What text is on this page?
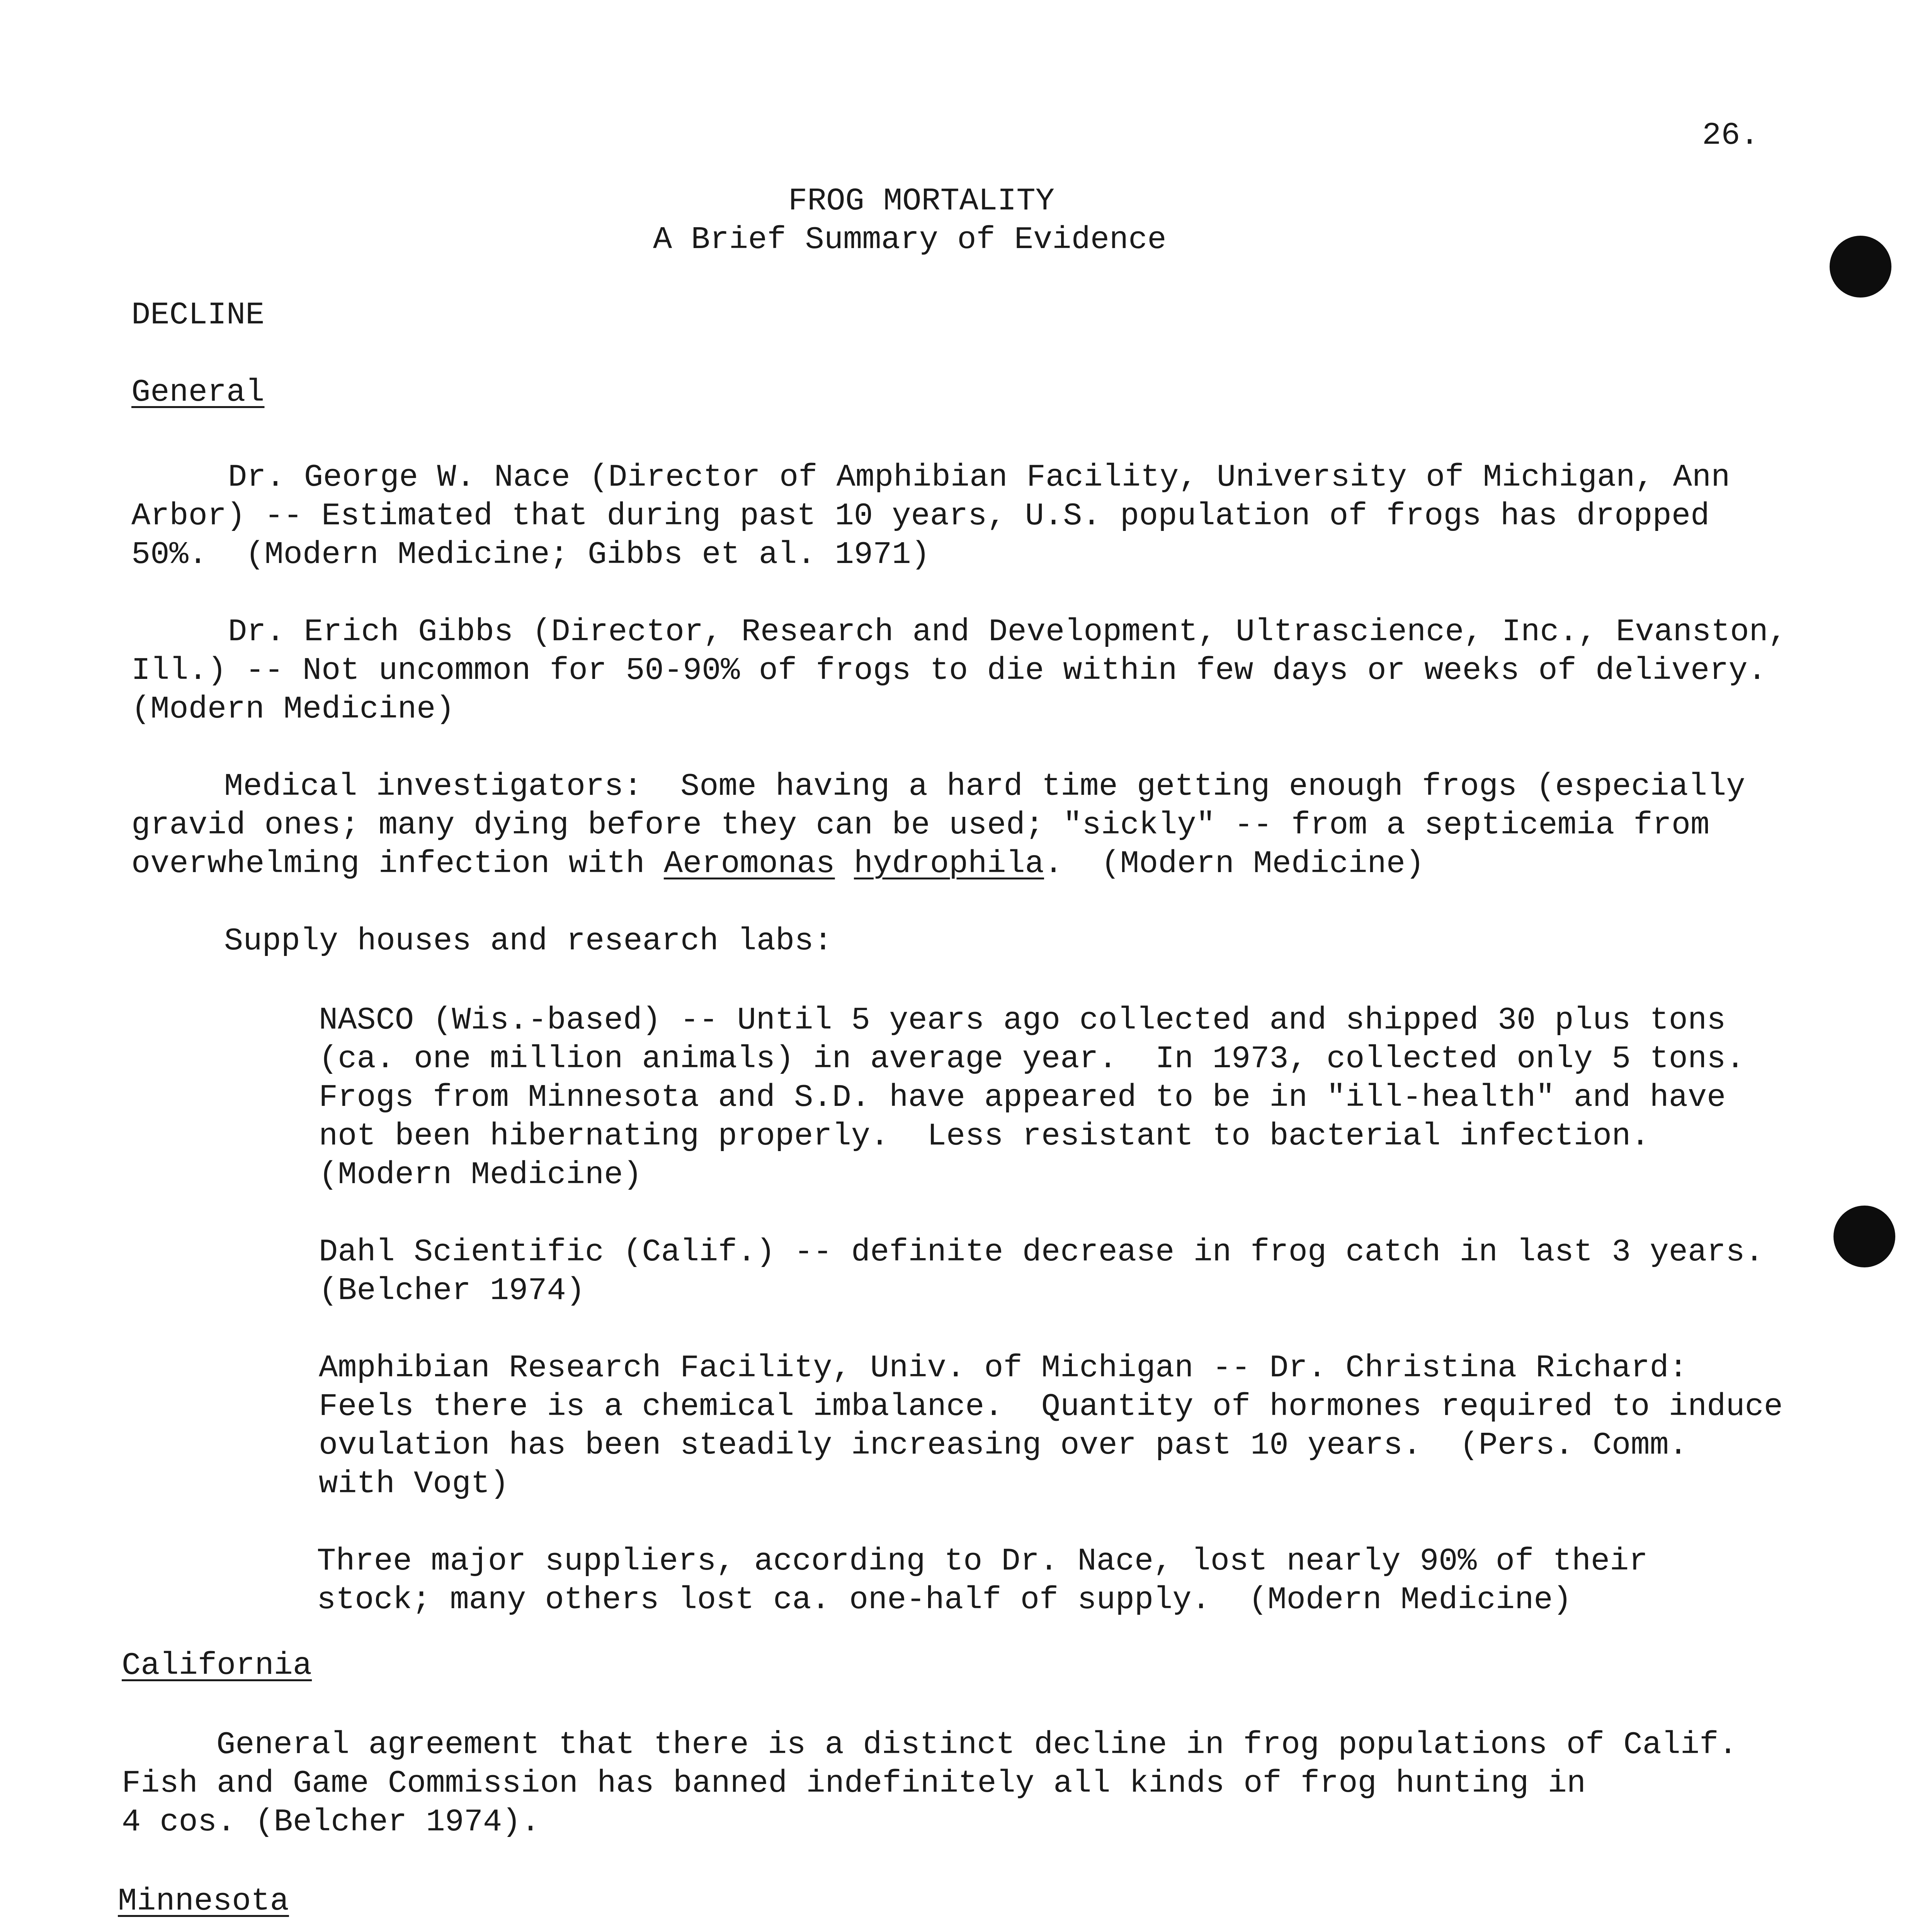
26.

FROG MORTALITY

A Brief Summary of Evidence

DECLINE

General

Dr. George W. Nace (Director of Amphibian Facility, University of Michigan, Ann

Arbor) -- Estimated that during past 10 years, U.S. population of frogs has dropped

50%.  (Modern Medicine; Gibbs et al. 1971)

Dr. Erich Gibbs (Director, Research and Development, Ultrascience, Inc., Evanston,

Ill.) -- Not uncommon for 50-90% of frogs to die within few days or weeks of delivery.

(Modern Medicine)

Medical investigators:  Some having a hard time getting enough frogs (especially

gravid ones; many dying before they can be used; "sickly" -- from a septicemia from

overwhelming infection with Aeromonas hydrophila.  (Modern Medicine)

Supply houses and research labs:

NASCO (Wis.-based) -- Until 5 years ago collected and shipped 30 plus tons

(ca. one million animals) in average year.  In 1973, collected only 5 tons.

Frogs from Minnesota and S.D. have appeared to be in "ill-health" and have

not been hibernating properly.  Less resistant to bacterial infection.

(Modern Medicine)

Dahl Scientific (Calif.) -- definite decrease in frog catch in last 3 years.

(Belcher 1974)

Amphibian Research Facility, Univ. of Michigan -- Dr. Christina Richard:

Feels there is a chemical imbalance.  Quantity of hormones required to induce

ovulation has been steadily increasing over past 10 years.  (Pers. Comm.

with Vogt)

Three major suppliers, according to Dr. Nace, lost nearly 90% of their

stock; many others lost ca. one-half of supply.  (Modern Medicine)

California

General agreement that there is a distinct decline in frog populations of Calif.

Fish and Game Commission has banned indefinitely all kinds of frog hunting in

4 cos. (Belcher 1974).

Minnesota
